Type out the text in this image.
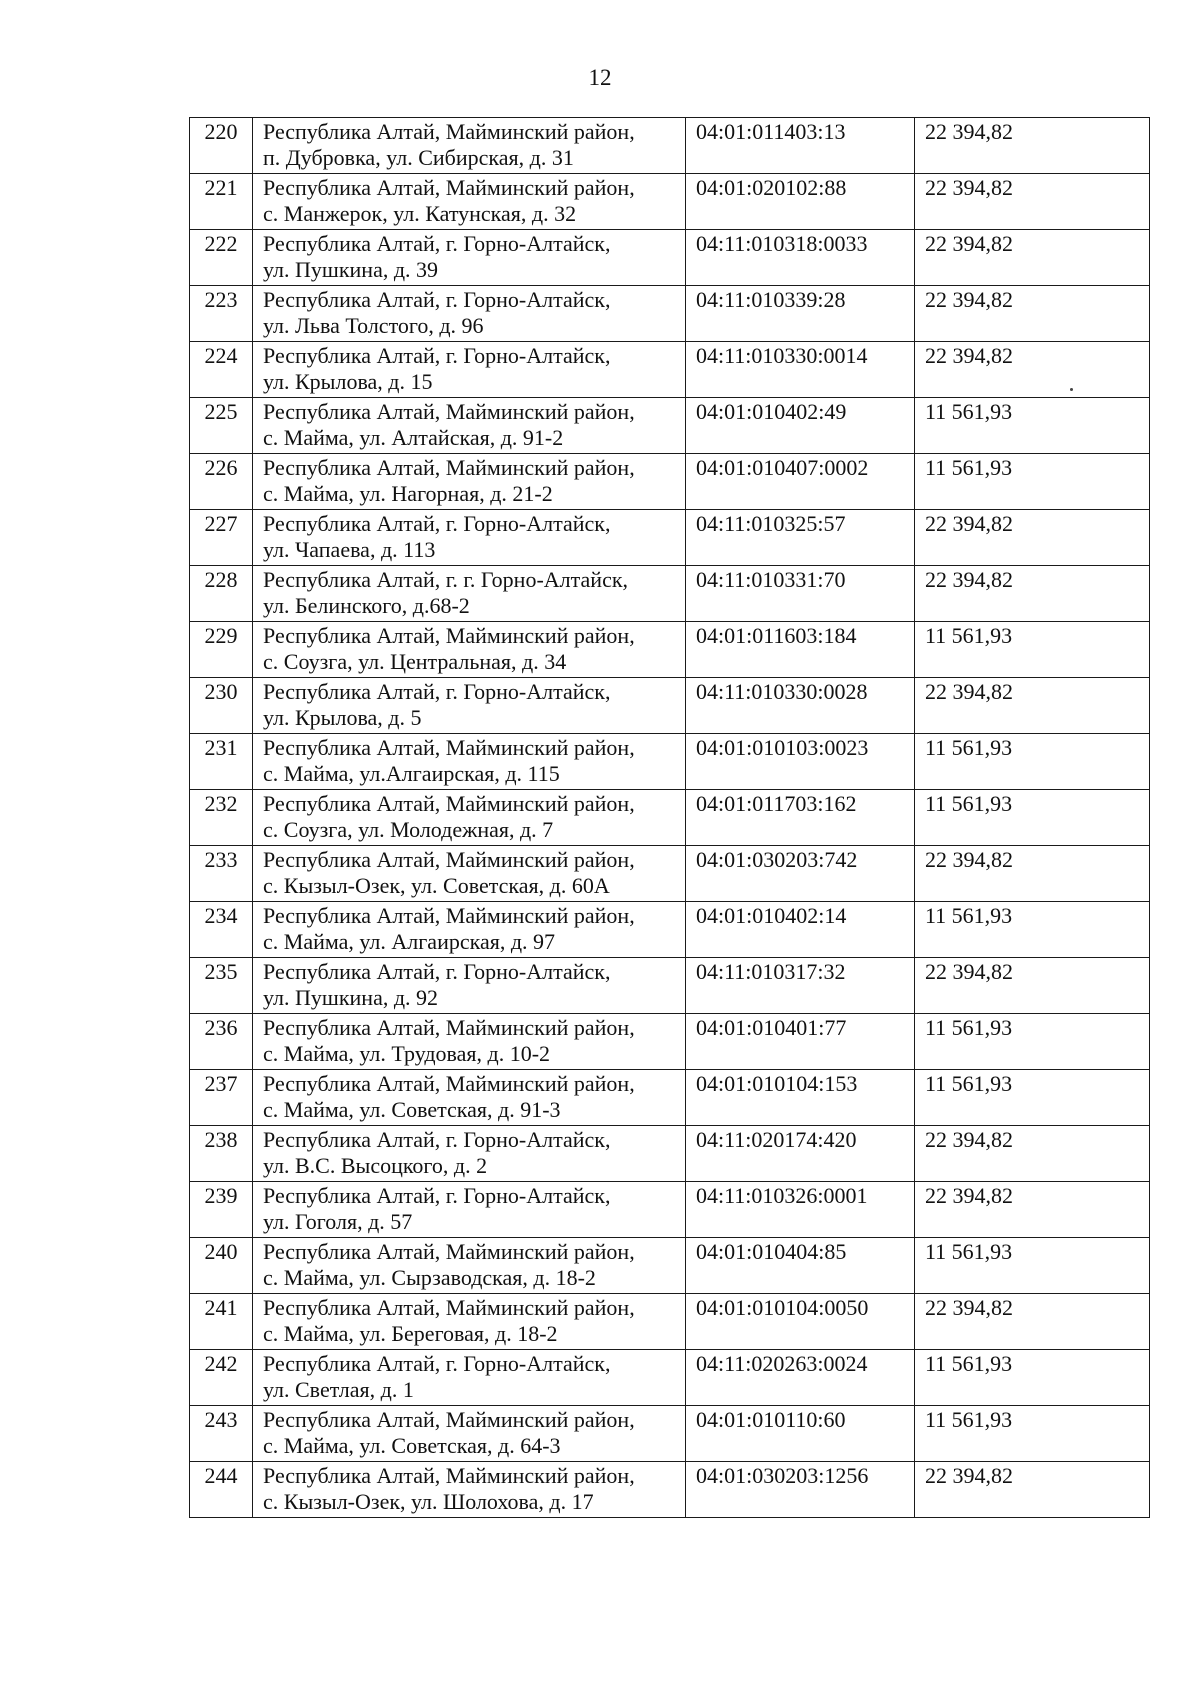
12
220	Республика Алтай, Майминский район,
п. Дубровка, ул. Сибирская, д. 31	04:01:011403:13	22 394,82
221	Республика Алтай, Майминский район,
с. Манжерок, ул. Катунская, д. 32	04:01:020102:88	22 394,82
222	Республика Алтай, г. Горно-Алтайск,
ул. Пушкина, д. 39	04:11:010318:0033	22 394,82
223	Республика Алтай, г. Горно-Алтайск,
ул. Льва Толстого, д. 96	04:11:010339:28	22 394,82
224	Республика Алтай, г. Горно-Алтайск,
ул. Крылова, д. 15	04:11:010330:0014	22 394,82
225	Республика Алтай, Майминский район,
с. Майма, ул. Алтайская, д. 91-2	04:01:010402:49	11 561,93
226	Республика Алтай, Майминский район,
с. Майма, ул. Нагорная, д. 21-2	04:01:010407:0002	11 561,93
227	Республика Алтай, г. Горно-Алтайск,
ул. Чапаева, д. 113	04:11:010325:57	22 394,82
228	Республика Алтай, г. г. Горно-Алтайск,
ул. Белинского, д.68-2	04:11:010331:70	22 394,82
229	Республика Алтай, Майминский район,
с. Соузга, ул. Центральная, д. 34	04:01:011603:184	11 561,93
230	Республика Алтай, г. Горно-Алтайск,
ул. Крылова, д. 5	04:11:010330:0028	22 394,82
231	Республика Алтай, Майминский район,
с. Майма, ул.Алгаирская, д. 115	04:01:010103:0023	11 561,93
232	Республика Алтай, Майминский район,
с. Соузга, ул. Молодежная, д. 7	04:01:011703:162	11 561,93
233	Республика Алтай, Майминский район,
с. Кызыл-Озек, ул. Советская, д. 60А	04:01:030203:742	22 394,82
234	Республика Алтай, Майминский район,
с. Майма, ул. Алгаирская, д. 97	04:01:010402:14	11 561,93
235	Республика Алтай, г. Горно-Алтайск,
ул. Пушкина, д. 92	04:11:010317:32	22 394,82
236	Республика Алтай, Майминский район,
с. Майма, ул. Трудовая, д. 10-2	04:01:010401:77	11 561,93
237	Республика Алтай, Майминский район,
с. Майма, ул. Советская, д. 91-3	04:01:010104:153	11 561,93
238	Республика Алтай, г. Горно-Алтайск,
ул. В.С. Высоцкого, д. 2	04:11:020174:420	22 394,82
239	Республика Алтай, г. Горно-Алтайск,
ул. Гоголя, д. 57	04:11:010326:0001	22 394,82
240	Республика Алтай, Майминский район,
с. Майма, ул. Сырзаводская, д. 18-2	04:01:010404:85	11 561,93
241	Республика Алтай, Майминский район,
с. Майма, ул. Береговая, д. 18-2	04:01:010104:0050	22 394,82
242	Республика Алтай, г. Горно-Алтайск,
ул. Светлая, д. 1	04:11:020263:0024	11 561,93
243	Республика Алтай, Майминский район,
с. Майма, ул. Советская, д. 64-3	04:01:010110:60	11 561,93
244	Республика Алтай, Майминский район,
с. Кызыл-Озек, ул. Шолохова, д. 17	04:01:030203:1256	22 394,82
